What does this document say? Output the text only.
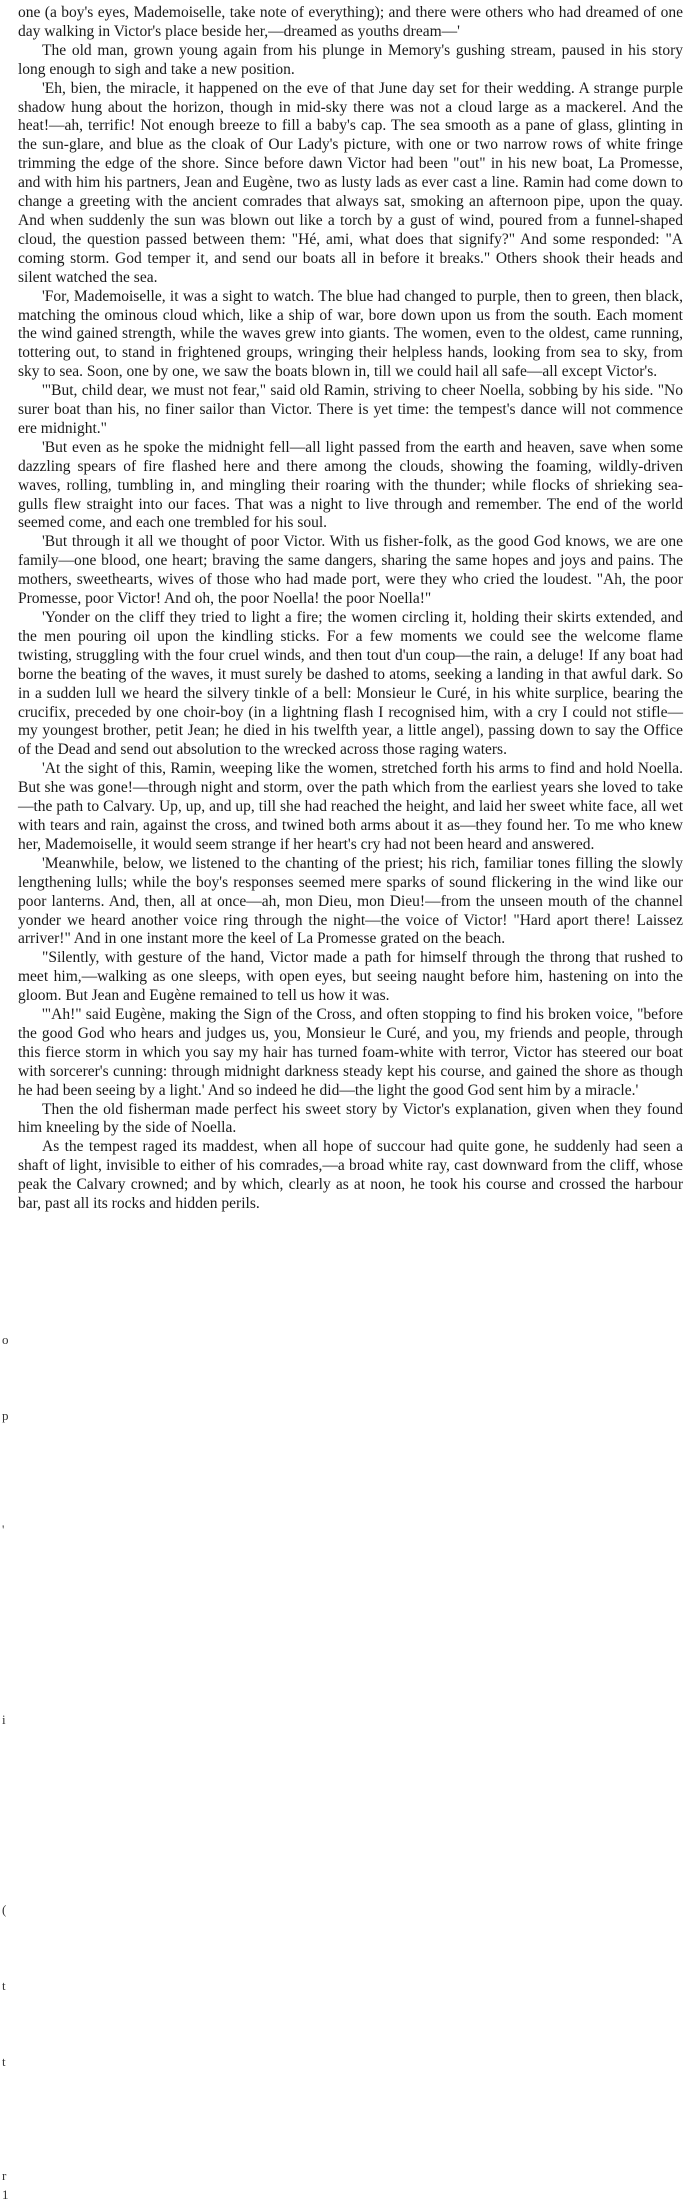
o
p
'
i
(
t
t
r
1

one (a boy's eyes, Mademoiselle, take note of everything); and there were others who had dreamed of one day walking in Victor's place beside her,—dreamed as youths dream—'

The old man, grown young again from his plunge in Memory's gushing stream, paused in his story long enough to sigh and take a new position.

'Eh, bien, the miracle, it happened on the eve of that June day set for their wedding. A strange purple shadow hung about the horizon, though in mid-sky there was not a cloud large as a mackerel. And the heat!—ah, terrific! Not enough breeze to fill a baby's cap. The sea smooth as a pane of glass, glinting in the sun-glare, and blue as the cloak of Our Lady's picture, with one or two narrow rows of white fringe trimming the edge of the shore. Since before dawn Victor had been "out" in his new boat, La Promesse, and with him his partners, Jean and Eugène, two as lusty lads as ever cast a line. Ramin had come down to change a greeting with the ancient comrades that always sat, smoking an afternoon pipe, upon the quay. And when suddenly the sun was blown out like a torch by a gust of wind, poured from a funnel-shaped cloud, the question passed between them: "Hé, ami, what does that signify?" And some responded: "A coming storm. God temper it, and send our boats all in before it breaks." Others shook their heads and silent watched the sea.

'For, Mademoiselle, it was a sight to watch. The blue had changed to purple, then to green, then black, matching the ominous cloud which, like a ship of war, bore down upon us from the south. Each moment the wind gained strength, while the waves grew into giants. The women, even to the oldest, came running, tottering out, to stand in frightened groups, wringing their helpless hands, looking from sea to sky, from sky to sea. Soon, one by one, we saw the boats blown in, till we could hail all safe—all except Victor's.

'"But, child dear, we must not fear," said old Ramin, striving to cheer Noella, sobbing by his side. "No surer boat than his, no finer sailor than Victor. There is yet time: the tempest's dance will not commence ere midnight."

'But even as he spoke the midnight fell—all light passed from the earth and heaven, save when some dazzling spears of fire flashed here and there among the clouds, showing the foaming, wildly-driven waves, rolling, tumbling in, and mingling their roaring with the thunder; while flocks of shrieking sea-gulls flew straight into our faces. That was a night to live through and remember. The end of the world seemed come, and each one trembled for his soul.

'But through it all we thought of poor Victor. With us fisher-folk, as the good God knows, we are one family—one blood, one heart; braving the same dangers, sharing the same hopes and joys and pains. The mothers, sweethearts, wives of those who had made port, were they who cried the loudest. "Ah, the poor Promesse, poor Victor! And oh, the poor Noella! the poor Noella!"

'Yonder on the cliff they tried to light a fire; the women circling it, holding their skirts extended, and the men pouring oil upon the kindling sticks. For a few moments we could see the welcome flame twisting, struggling with the four cruel winds, and then tout d'un coup—the rain, a deluge! If any boat had borne the beating of the waves, it must surely be dashed to atoms, seeking a landing in that awful dark. So in a sudden lull we heard the silvery tinkle of a bell: Monsieur le Curé, in his white surplice, bearing the crucifix, preceded by one choir-boy (in a lightning flash I recognised him, with a cry I could not stifle—my youngest brother, petit Jean; he died in his twelfth year, a little angel), passing down to say the Office of the Dead and send out absolution to the wrecked across those raging waters.

'At the sight of this, Ramin, weeping like the women, stretched forth his arms to find and hold Noella. But she was gone!—through night and storm, over the path which from the earliest years she loved to take—the path to Calvary. Up, up, and up, till she had reached the height, and laid her sweet white face, all wet with tears and rain, against the cross, and twined both arms about it as—they found her. To me who knew her, Mademoiselle, it would seem strange if her heart's cry had not been heard and answered.

'Meanwhile, below, we listened to the chanting of the priest; his rich, familiar tones filling the slowly lengthening lulls; while the boy's responses seemed mere sparks of sound flickering in the wind like our poor lanterns. And, then, all at once—ah, mon Dieu, mon Dieu!—from the unseen mouth of the channel yonder we heard another voice ring through the night—the voice of Victor! "Hard aport there! Laissez arriver!" And in one instant more the keel of La Promesse grated on the beach.

"Silently, with gesture of the hand, Victor made a path for himself through the throng that rushed to meet him,—walking as one sleeps, with open eyes, but seeing naught before him, hastening on into the gloom. But Jean and Eugène remained to tell us how it was.

'"Ah!" said Eugène, making the Sign of the Cross, and often stopping to find his broken voice, "before the good God who hears and judges us, you, Monsieur le Curé, and you, my friends and people, through this fierce storm in which you say my hair has turned foam-white with terror, Victor has steered our boat with sorcerer's cunning: through midnight darkness steady kept his course, and gained the shore as though he had been seeing by a light.' And so indeed he did—the light the good God sent him by a miracle.'

Then the old fisherman made perfect his sweet story by Victor's explanation, given when they found him kneeling by the side of Noella.

As the tempest raged its maddest, when all hope of succour had quite gone, he suddenly had seen a shaft of light, invisible to either of his comrades,—a broad white ray, cast downward from the cliff, whose peak the Calvary crowned; and by which, clearly as at noon, he took his course and crossed the harbour bar, past all its rocks and hidden perils.
